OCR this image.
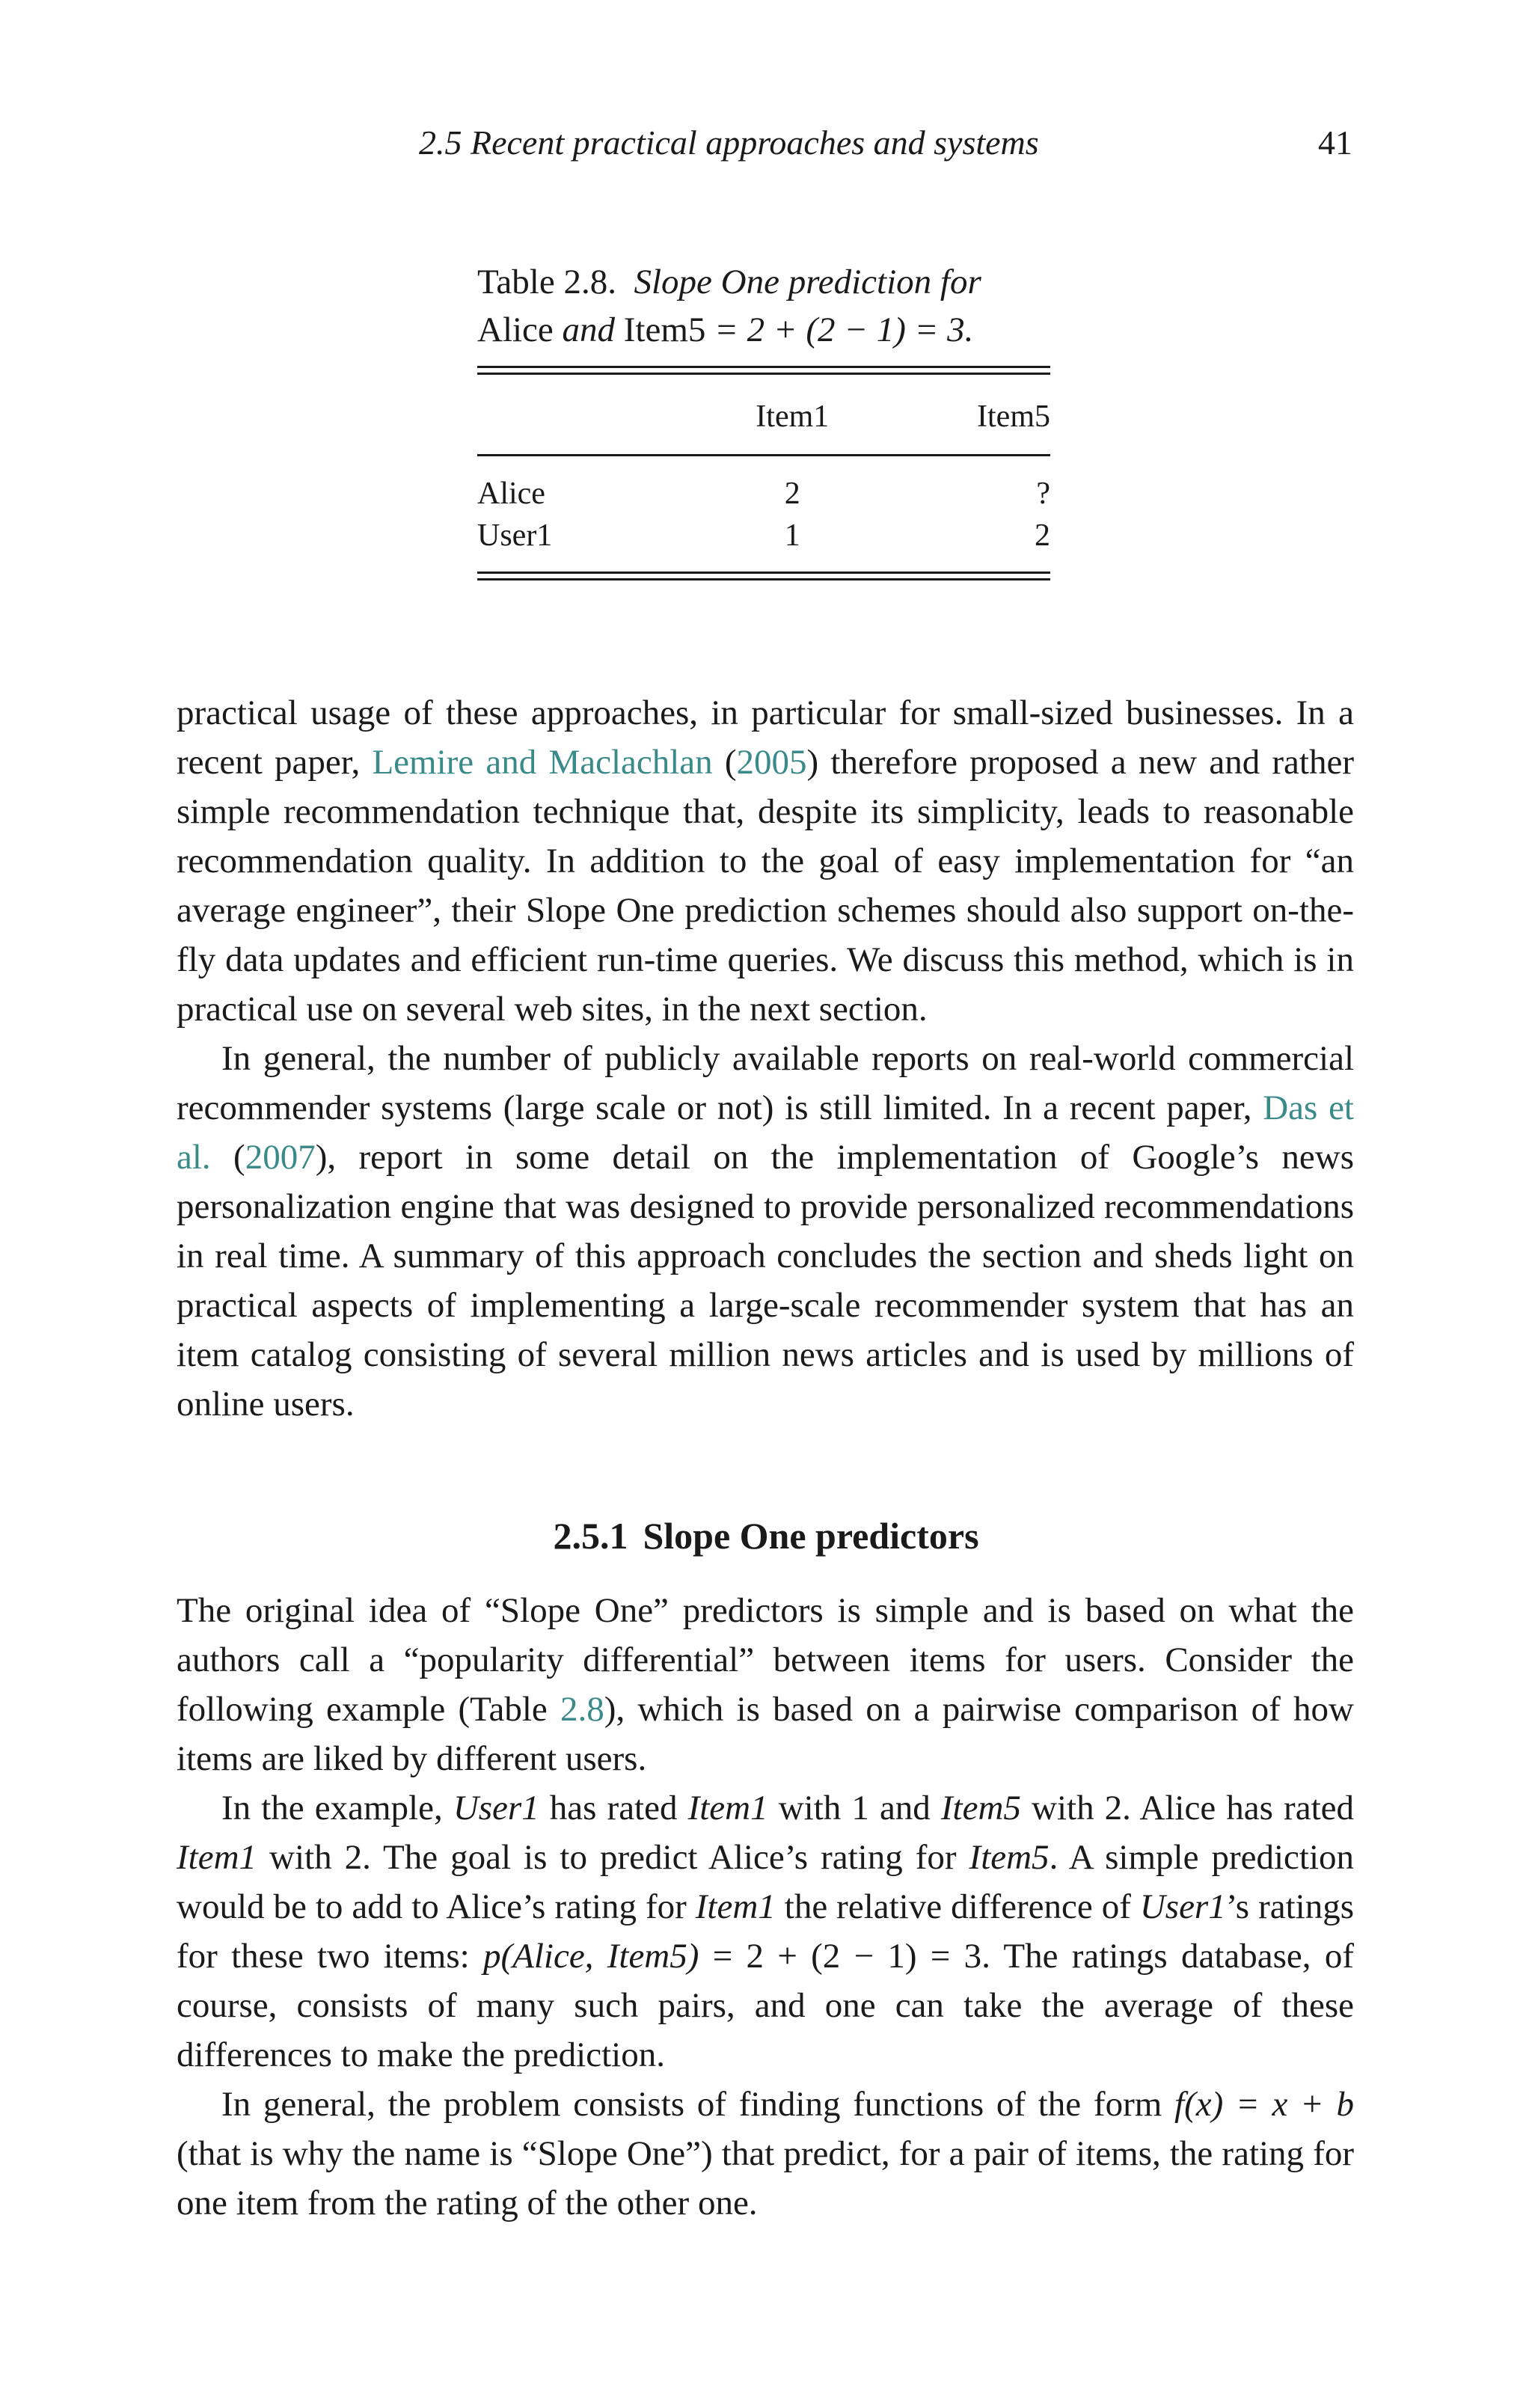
2.5 Recent practical approaches and systems	41
Table 2.8. Slope One prediction for
Alice and Item5 = 2 + (2 − 1) = 3.
	Item1	Item5
Alice	2	?
User1	1	2

practical usage of these approaches, in particular for small-sized businesses. In a recent paper, Lemire and Maclachlan (2005) therefore proposed a new and rather simple recommendation technique that, despite its simplicity, leads to reasonable recommendation quality. In addition to the goal of easy implementation for “an average engineer”, their Slope One prediction schemes should also support on-the-fly data updates and efficient run-time queries. We discuss this method, which is in practical use on several web sites, in the next section.

In general, the number of publicly available reports on real-world commercial recommender systems (large scale or not) is still limited. In a recent paper, Das et al. (2007), report in some detail on the implementation of Google’s news personalization engine that was designed to provide personalized recommendations in real time. A summary of this approach concludes the section and sheds light on practical aspects of implementing a large-scale recommender system that has an item catalog consisting of several million news articles and is used by millions of online users.

2.5.1 Slope One predictors

The original idea of “Slope One” predictors is simple and is based on what the authors call a “popularity differential” between items for users. Consider the following example (Table 2.8), which is based on a pairwise comparison of how items are liked by different users.

In the example, User1 has rated Item1 with 1 and Item5 with 2. Alice has rated Item1 with 2. The goal is to predict Alice’s rating for Item5. A simple prediction would be to add to Alice’s rating for Item1 the relative difference of User1’s ratings for these two items: p(Alice, Item5) = 2 + (2 − 1) = 3. The ratings database, of course, consists of many such pairs, and one can take the average of these differences to make the prediction.

In general, the problem consists of finding functions of the form f(x) = x + b (that is why the name is “Slope One”) that predict, for a pair of items, the rating for one item from the rating of the other one.
